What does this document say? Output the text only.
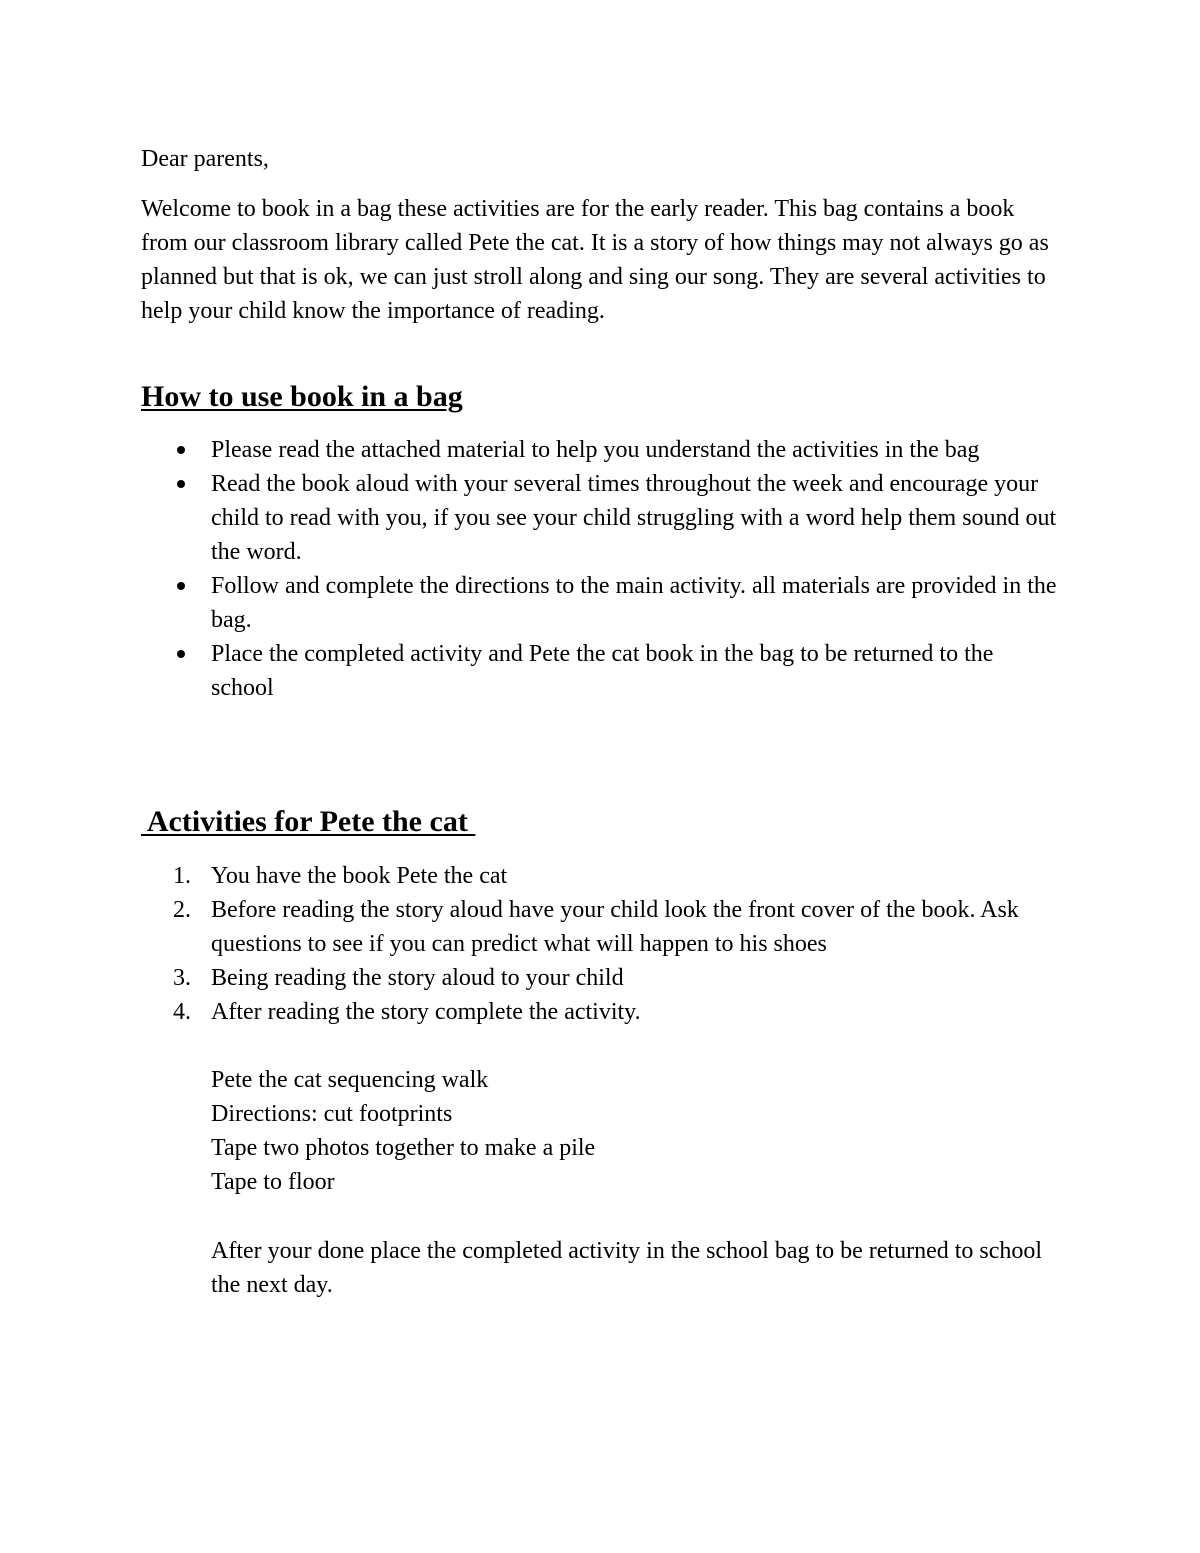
Dear parents,

Welcome to book in a bag these activities are for the early reader. This bag contains a book from our classroom library called Pete the cat. It is a story of how things may not always go as planned but that is ok, we can just stroll along and sing our song. They are several activities to help your child know the importance of reading.

How to use book in a bag
Please read the attached material to help you understand the activities in the bag
Read the book aloud with your several times throughout the week and encourage your child to read with you, if you see your child struggling with a word help them sound out the word.
Follow and complete the directions to the main activity. all materials are provided in the bag.
Place the completed activity and Pete the cat book in the bag to be returned to the school
Activities for Pete the cat
1. You have the book Pete the cat
2. Before reading the story aloud have your child look the front cover of the book. Ask questions to see if you can predict what will happen to his shoes
3. Being reading the story aloud to your child
4. After reading the story complete the activity.
Pete the cat sequencing walk
Directions: cut footprints
Tape two photos together to make a pile
Tape to floor

After your done place the completed activity in the school bag to be returned to school the next day.
